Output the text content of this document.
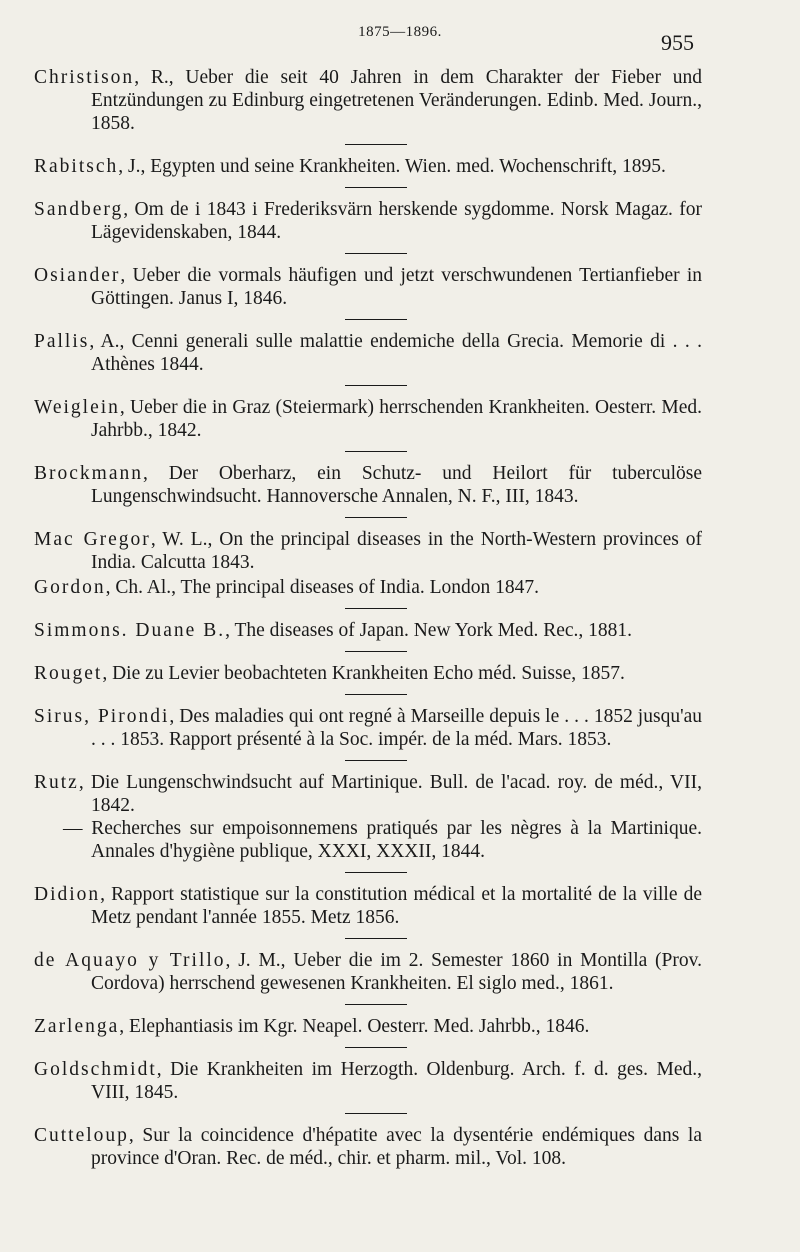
1875—1896.	955
Christison, R., Ueber die seit 40 Jahren in dem Charakter der Fieber und Entzündungen zu Edinburg eingetretenen Veränderungen. Edinb. Med. Journ., 1858.
Rabitsch, J., Egypten und seine Krankheiten. Wien. med. Wochenschrift, 1895.
Sandberg, Om de i 1843 i Frederiksvärn herskende sygdomme. Norsk Magaz. for Lägevidenskaben, 1844.
Osiander, Ueber die vormals häufigen und jetzt verschwundenen Tertianfieber in Göttingen. Janus I, 1846.
Pallis, A., Cenni generali sulle malattie endemiche della Grecia. Memorie di . . . Athènes 1844.
Weiglein, Ueber die in Graz (Steiermark) herrschenden Krankheiten. Oesterr. Med. Jahrbb., 1842.
Brockmann, Der Oberharz, ein Schutz- und Heilort für tuberculöse Lungenschwindsucht. Hannoversche Annalen, N. F., III, 1843.
Mac Gregor, W. L., On the principal diseases in the North-Western provinces of India. Calcutta 1843.
Gordon, Ch. Al., The principal diseases of India. London 1847.
Simmons. Duane B., The diseases of Japan. New York Med. Rec., 1881.
Rouget, Die zu Levier beobachteten Krankheiten Echo méd. Suisse, 1857.
Sirus, Pirondi, Des maladies qui ont regné à Marseille depuis le . . . 1852 jusqu'au . . . 1853. Rapport présenté à la Soc. impér. de la méd. Mars. 1853.
Rutz, Die Lungenschwindsucht auf Martinique. Bull. de l'acad. roy. de méd., VII, 1842.
— Recherches sur empoisonnemens pratiqués par les nègres à la Martinique. Annales d'hygiène publique, XXXI, XXXII, 1844.
Didion, Rapport statistique sur la constitution médical et la mortalité de la ville de Metz pendant l'année 1855. Metz 1856.
de Aquayo y Trillo, J. M., Ueber die im 2. Semester 1860 in Montilla (Prov. Cordova) herrschend gewesenen Krankheiten. El siglo med., 1861.
Zarlenga, Elephantiasis im Kgr. Neapel. Oesterr. Med. Jahrbb., 1846.
Goldschmidt, Die Krankheiten im Herzogth. Oldenburg. Arch. f. d. ges. Med., VIII, 1845.
Cutteloup, Sur la coincidence d'hépatite avec la dysentérie endémiques dans la province d'Oran. Rec. de méd., chir. et pharm. mil., Vol. 108.
